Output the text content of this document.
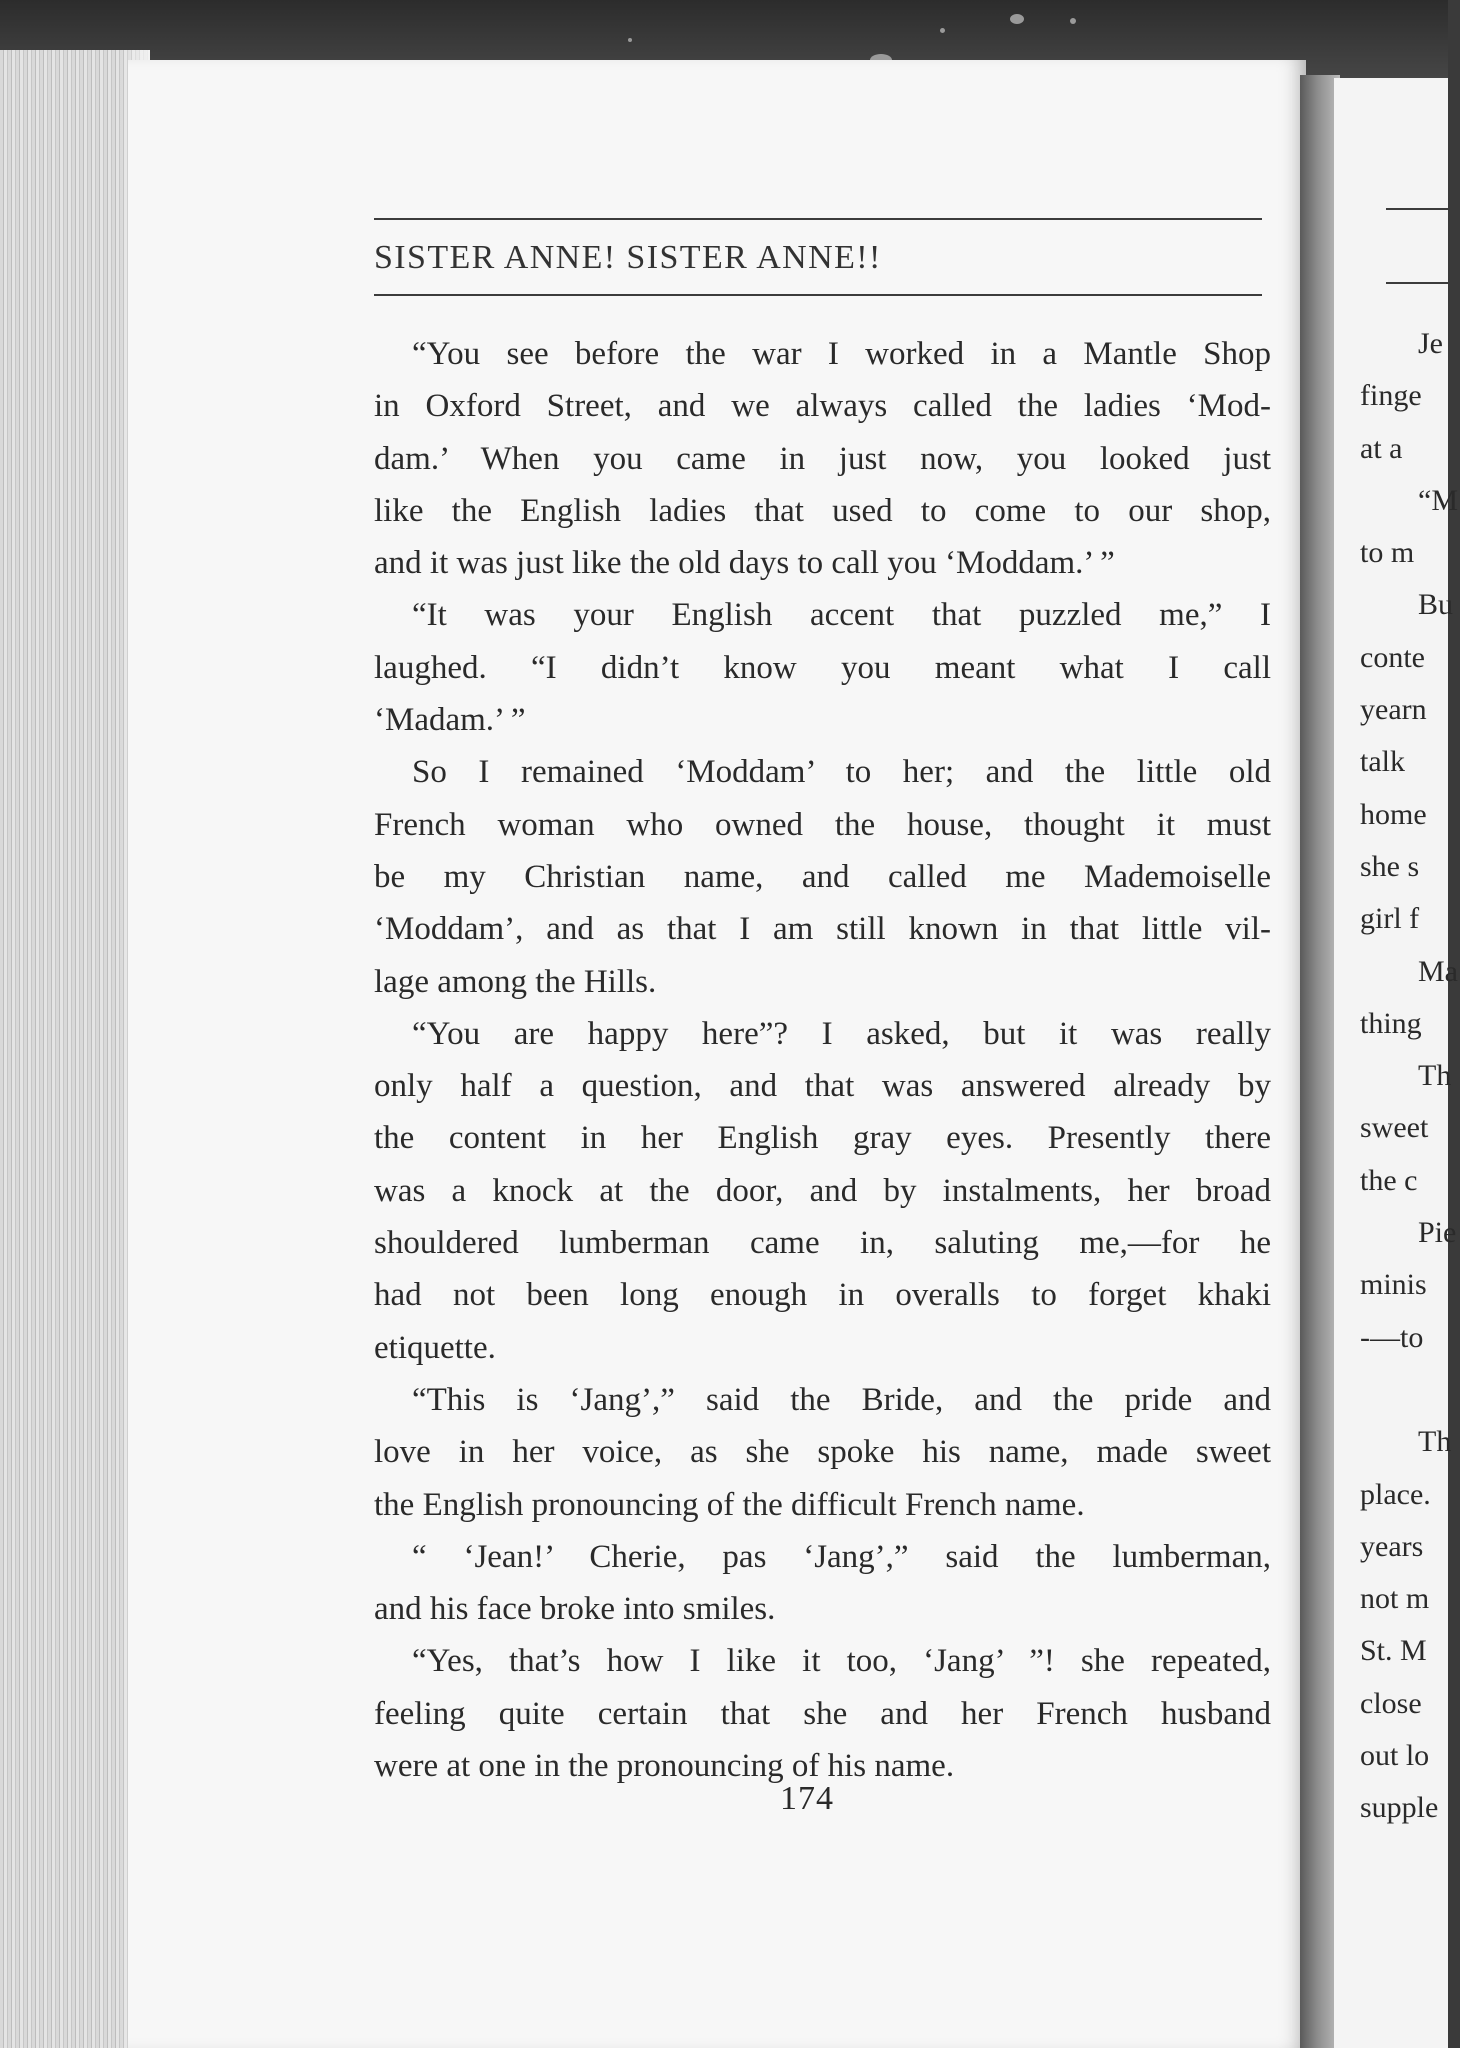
SISTER ANNE! SISTER ANNE!!
“You see before the war I worked in a Mantle Shop
in Oxford Street, and we always called the ladies ‘Mod-
dam.’ When you came in just now, you looked just
like the English ladies that used to come to our shop,
and it was just like the old days to call you ‘Moddam.’ ”
“It was your English accent that puzzled me,” I
laughed. “I didn’t know you meant what I call
‘Madam.’ ”
So I remained ‘Moddam’ to her; and the little old
French woman who owned the house, thought it must
be my Christian name, and called me Mademoiselle
‘Moddam’, and as that I am still known in that little vil-
lage among the Hills.
“You are happy here”? I asked, but it was really
only half a question, and that was answered already by
the content in her English gray eyes. Presently there
was a knock at the door, and by instalments, her broad
shouldered lumberman came in, saluting me,—for he
had not been long enough in overalls to forget khaki
etiquette.
“This is ‘Jang’,” said the Bride, and the pride and
love in her voice, as she spoke his name, made sweet
the English pronouncing of the difficult French name.
“ ‘Jean!’ Cherie, pas ‘Jang’,” said the lumberman,
and his face broke into smiles.
“Yes, that’s how I like it too, ‘Jang’ ”! she repeated,
feeling quite certain that she and her French husband
were at one in the pronouncing of his name.
174
Je
finge
at a
“M
to m
Bu
conte
yearn
talk
home
she s
girl f
Ma
thing
Th
sweet
the c
Pie
minis
-—to
Th
place.
years
not m
St. M
close
out lo
supple
